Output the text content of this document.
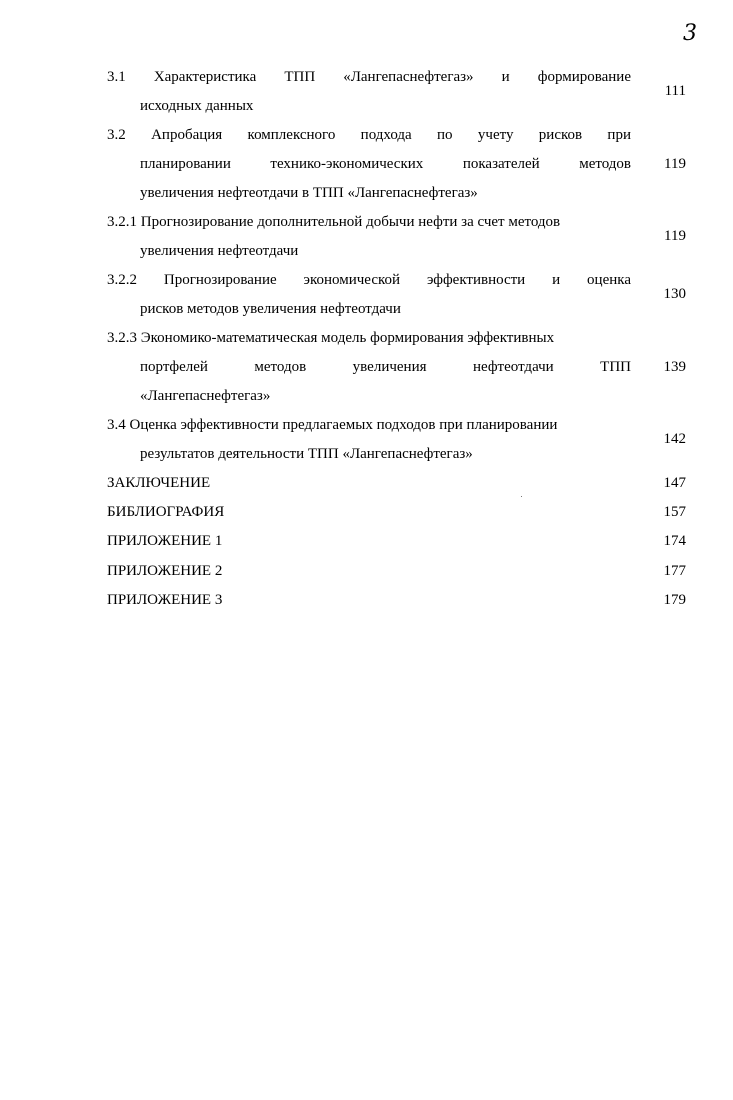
3
3.1 Характеристика ТПП «Лангепаснефтегаз» и формирование
исходных данных
111
3.2 Апробация комплексного подхода по учету рисков при
планировании технико-экономических показателей методов
увеличения нефтеотдачи в ТПП «Лангепаснефтегаз»
119
3.2.1 Прогнозирование дополнительной добычи нефти за счет методов
увеличения нефтеотдачи
119
3.2.2 Прогнозирование экономической эффективности и оценка
рисков методов увеличения нефтеотдачи
130
3.2.3 Экономико-математическая модель формирования эффективных
портфелей методов увеличения нефтеотдачи ТПП
«Лангепаснефтегаз»
139
3.4 Оценка эффективности предлагаемых подходов при планировании
результатов деятельности ТПП «Лангепаснефтегаз»
142
ЗАКЛЮЧЕНИЕ	147
БИБЛИОГРАФИЯ	157
ПРИЛОЖЕНИЕ 1	174
ПРИЛОЖЕНИЕ 2	177
ПРИЛОЖЕНИЕ 3	179
